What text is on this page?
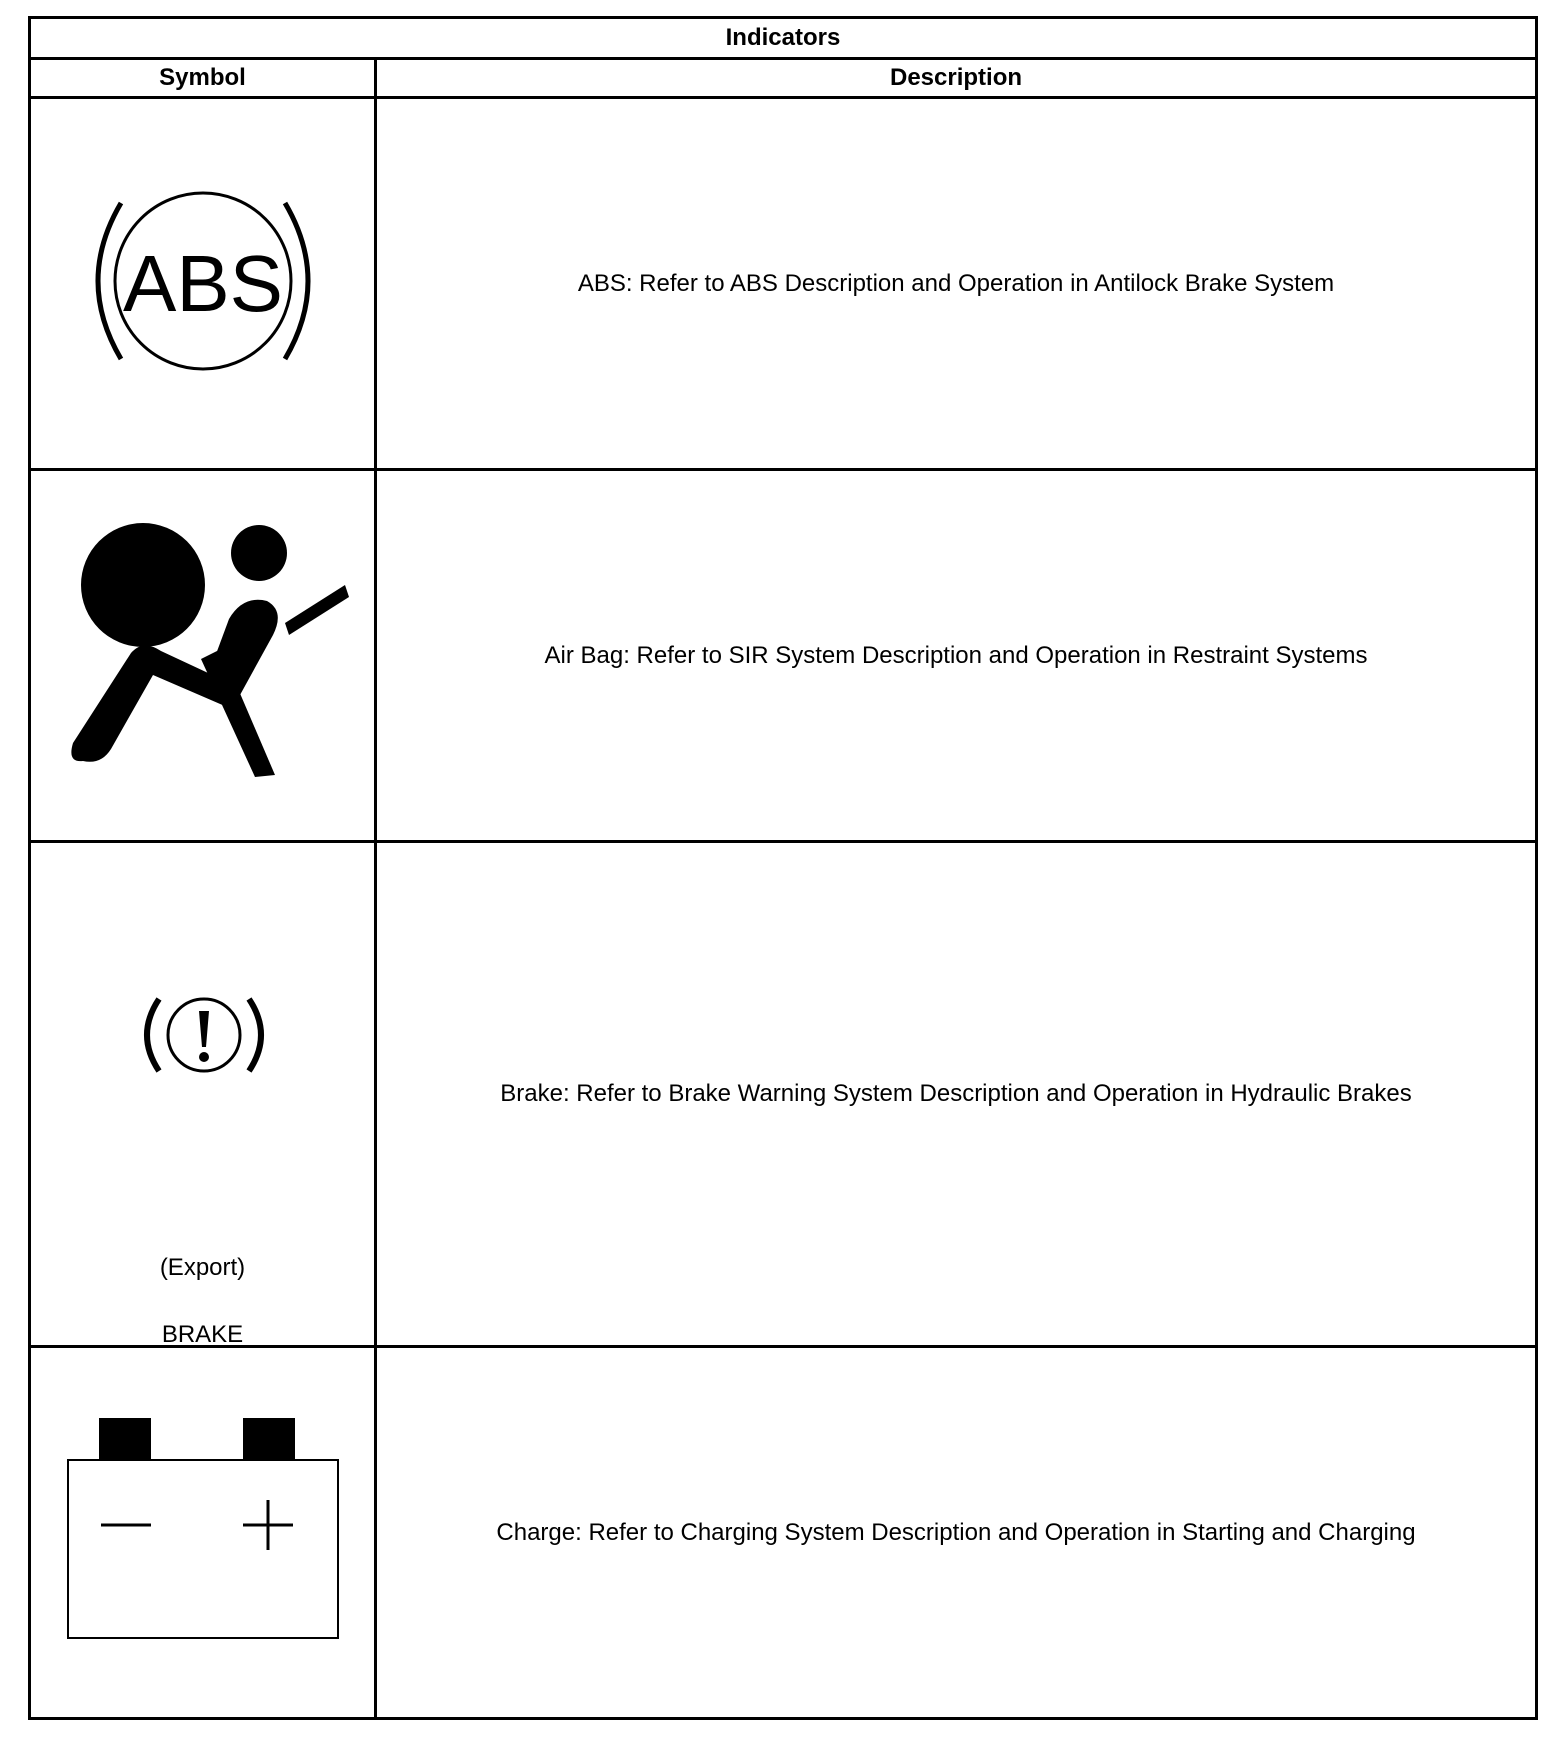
Indicators	
Symbol	Description

ABS	ABS: Refer to ABS Description and Operation in Antilock Brake System
	Air Bag: Refer to SIR System Description and Operation in Restraint Systems

(Export)
BRAKE	Brake: Refer to Brake Warning System Description and Operation in Hydraulic Brakes
	Charge: Refer to Charging System Description and Operation in Starting and Charging
